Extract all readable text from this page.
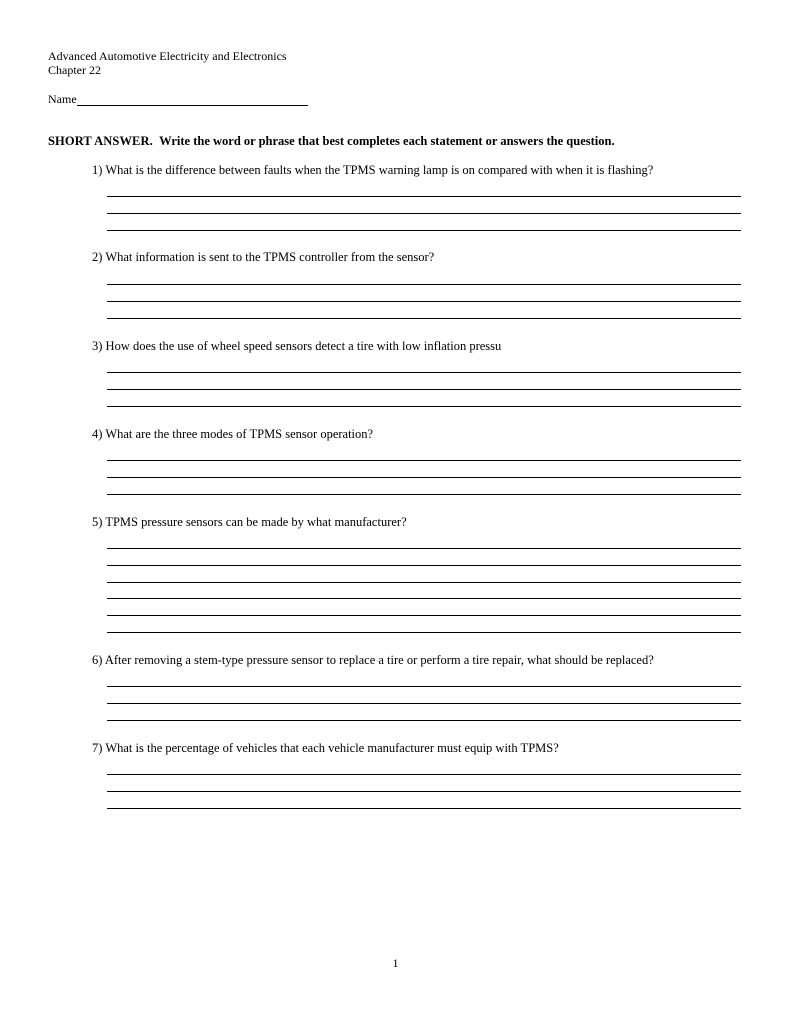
Advanced Automotive Electricity and Electronics
Chapter 22
Name
SHORT ANSWER. Write the word or phrase that best completes each statement or answers the question.
1) What is the difference between faults when the TPMS warning lamp is on compared with when it is flashing?
2) What information is sent to the TPMS controller from the sensor?
3) How does the use of wheel speed sensors detect a tire with low inflation pressu
4) What are the three modes of TPMS sensor operation?
5) TPMS pressure sensors can be made by what manufacturer?
6) After removing a stem-type pressure sensor to replace a tire or perform a tire repair, what should be replaced?
7) What is the percentage of vehicles that each vehicle manufacturer must equip with TPMS?
1
